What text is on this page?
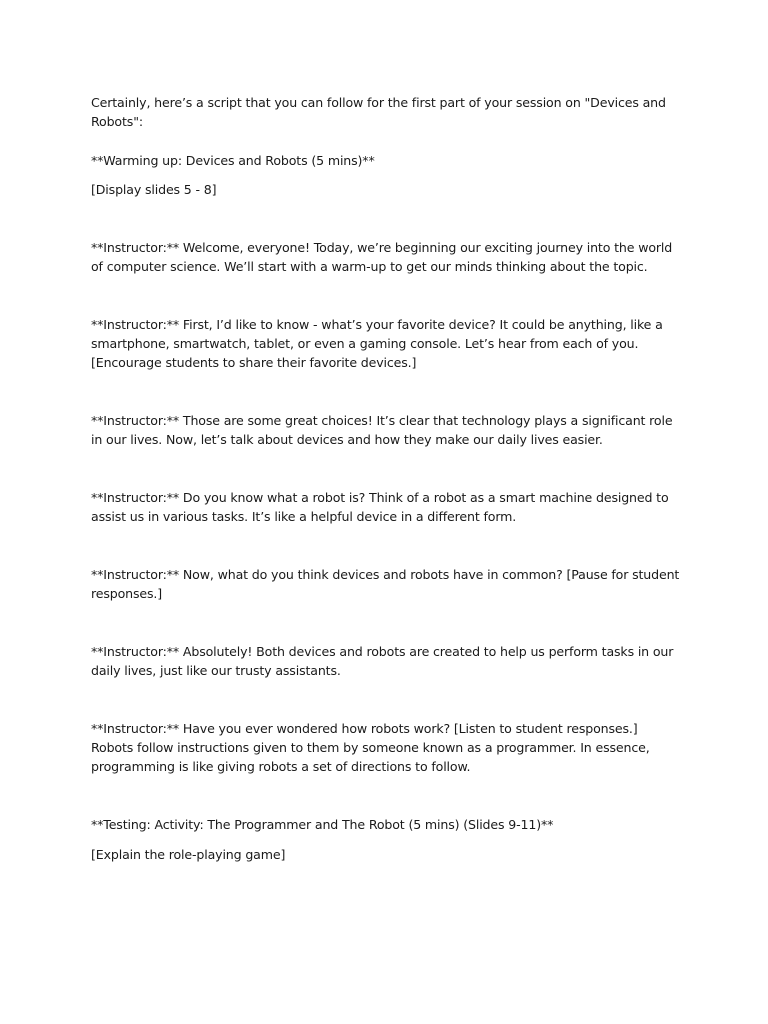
Certainly, here’s a script that you can follow for the first part of your session on "Devices and Robots":

**Warming up: Devices and Robots (5 mins)**

[Display slides 5 - 8]

**Instructor:** Welcome, everyone! Today, we’re beginning our exciting journey into the world of computer science. We’ll start with a warm-up to get our minds thinking about the topic.

**Instructor:** First, I’d like to know - what’s your favorite device? It could be anything, like a smartphone, smartwatch, tablet, or even a gaming console. Let’s hear from each of you. [Encourage students to share their favorite devices.]

**Instructor:** Those are some great choices! It’s clear that technology plays a significant role in our lives. Now, let’s talk about devices and how they make our daily lives easier.

**Instructor:** Do you know what a robot is? Think of a robot as a smart machine designed to assist us in various tasks. It’s like a helpful device in a different form.

**Instructor:** Now, what do you think devices and robots have in common? [Pause for student responses.]

**Instructor:** Absolutely! Both devices and robots are created to help us perform tasks in our daily lives, just like our trusty assistants.

**Instructor:** Have you ever wondered how robots work? [Listen to student responses.] Robots follow instructions given to them by someone known as a programmer. In essence, programming is like giving robots a set of directions to follow.

**Testing: Activity: The Programmer and The Robot (5 mins) (Slides 9-11)**

[Explain the role-playing game]
